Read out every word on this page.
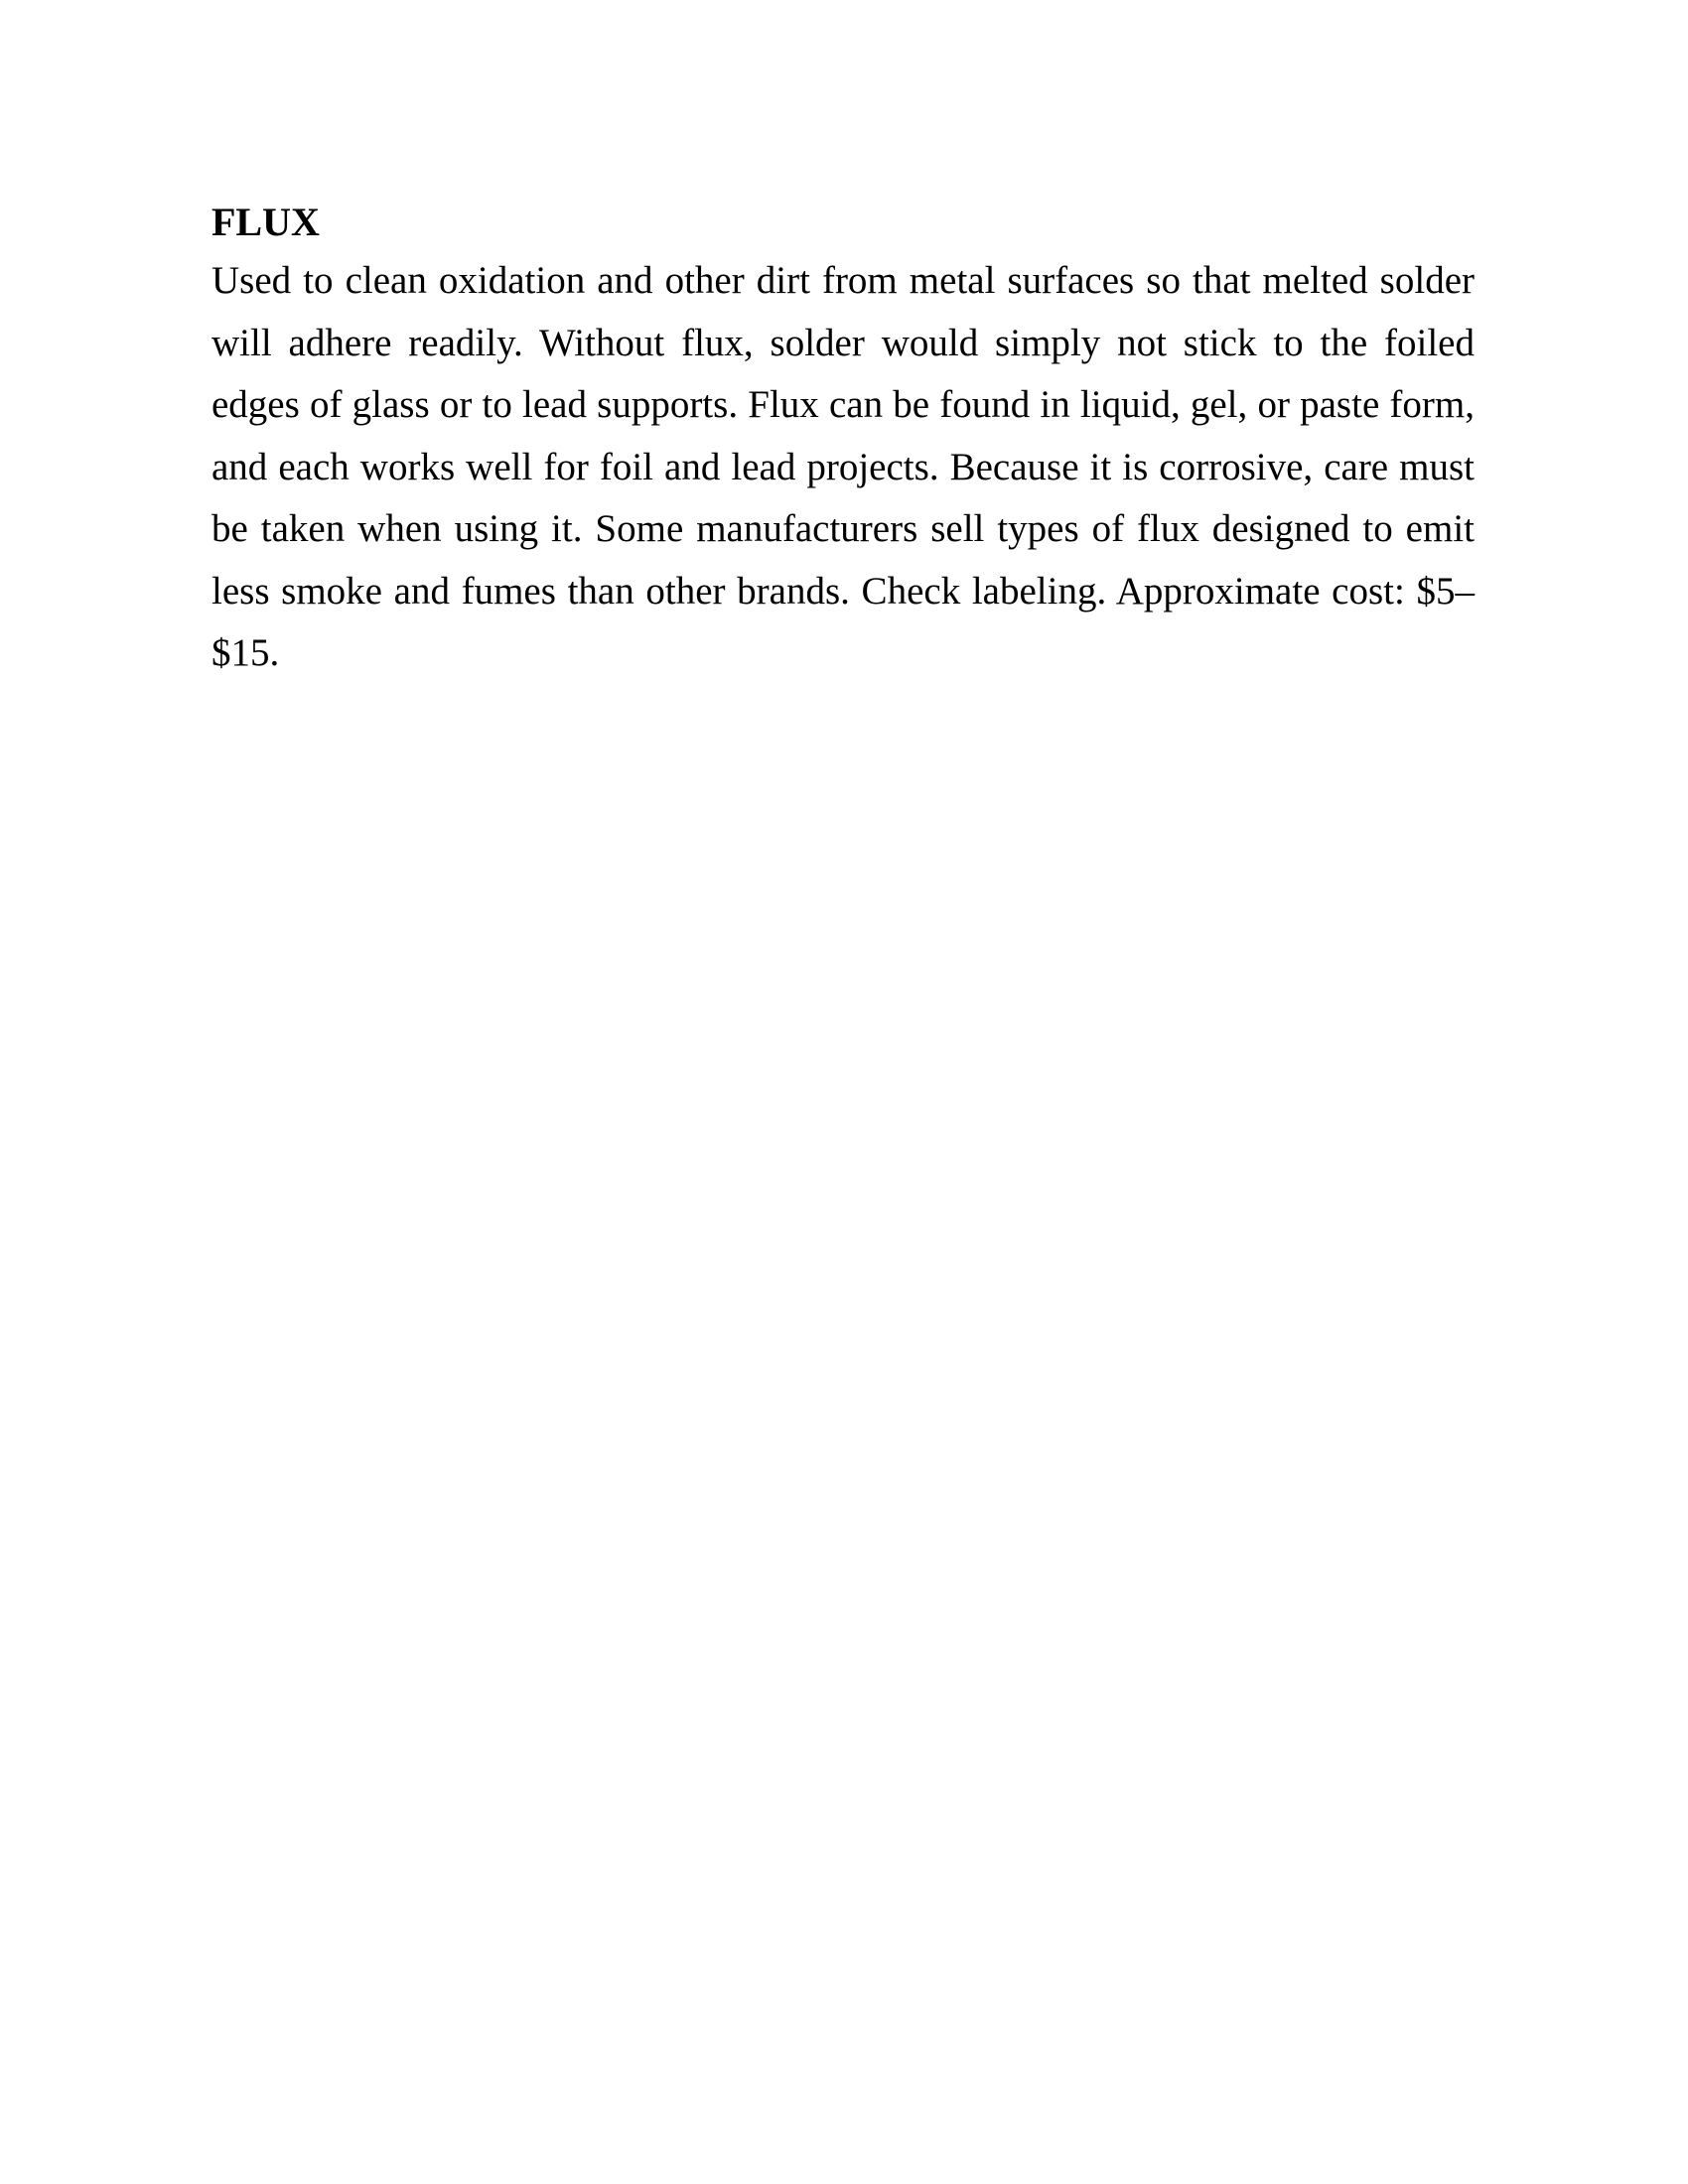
FLUX

Used to clean oxidation and other dirt from metal surfaces so that melted solder will adhere readily. Without flux, solder would simply not stick to the foiled edges of glass or to lead supports. Flux can be found in liquid, gel, or paste form, and each works well for foil and lead projects. Because it is corrosive, care must be taken when using it. Some manufacturers sell types of flux designed to emit less smoke and fumes than other brands. Check labeling. Approximate cost: $5–$15.
